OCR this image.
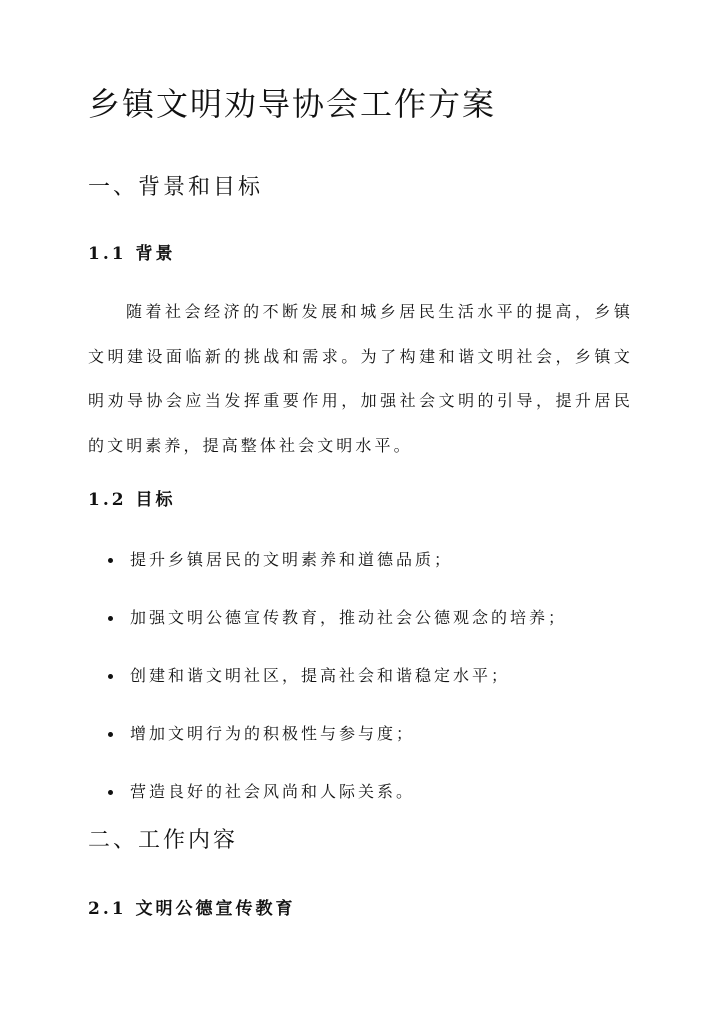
乡镇文明劝导协会工作方案
一、背景和目标
1.1 背景

随着社会经济的不断发展和城乡居民生活水平的提高，乡镇文明建设面临新的挑战和需求。为了构建和谐文明社会，乡镇文明劝导协会应当发挥重要作用，加强社会文明的引导，提升居民的文明素养，提高整体社会文明水平。

1.2 目标
提升乡镇居民的文明素养和道德品质；
加强文明公德宣传教育，推动社会公德观念的培养；
创建和谐文明社区，提高社会和谐稳定水平；
增加文明行为的积极性与参与度；
营造良好的社会风尚和人际关系。
二、工作内容
2.1 文明公德宣传教育
